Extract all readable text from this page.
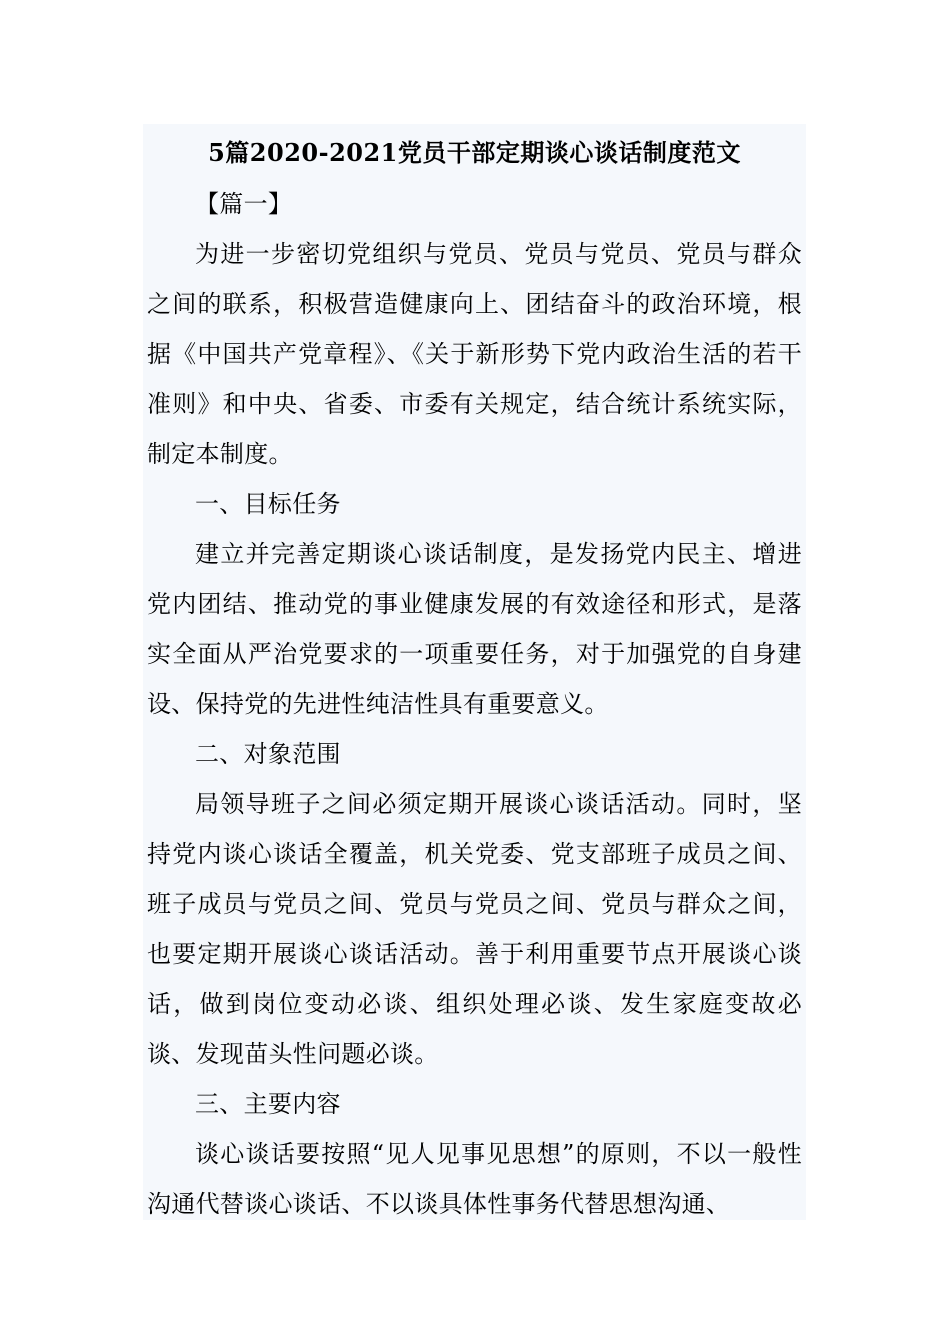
5篇2020-2021党员干部定期谈心谈话制度范文

【篇一】

为进一步密切党组织与党员、党员与党员、党员与群众之间的联系，积极营造健康向上、团结奋斗的政治环境，根据《中国共产党章程》、《关于新形势下党内政治生活的若干准则》和中央、省委、市委有关规定，结合统计系统实际，制定本制度。

一、目标任务

建立并完善定期谈心谈话制度，是发扬党内民主、增进党内团结、推动党的事业健康发展的有效途径和形式，是落实全面从严治党要求的一项重要任务，对于加强党的自身建设、保持党的先进性纯洁性具有重要意义。

二、对象范围

局领导班子之间必须定期开展谈心谈话活动。同时，坚持党内谈心谈话全覆盖，机关党委、党支部班子成员之间、班子成员与党员之间、党员与党员之间、党员与群众之间，也要定期开展谈心谈话活动。善于利用重要节点开展谈心谈话，做到岗位变动必谈、组织处理必谈、发生家庭变故必谈、发现苗头性问题必谈。

三、主要内容

谈心谈话要按照“见人见事见思想”的原则，不以一般性沟通代替谈心谈话、不以谈具体性事务代替思想沟通、
